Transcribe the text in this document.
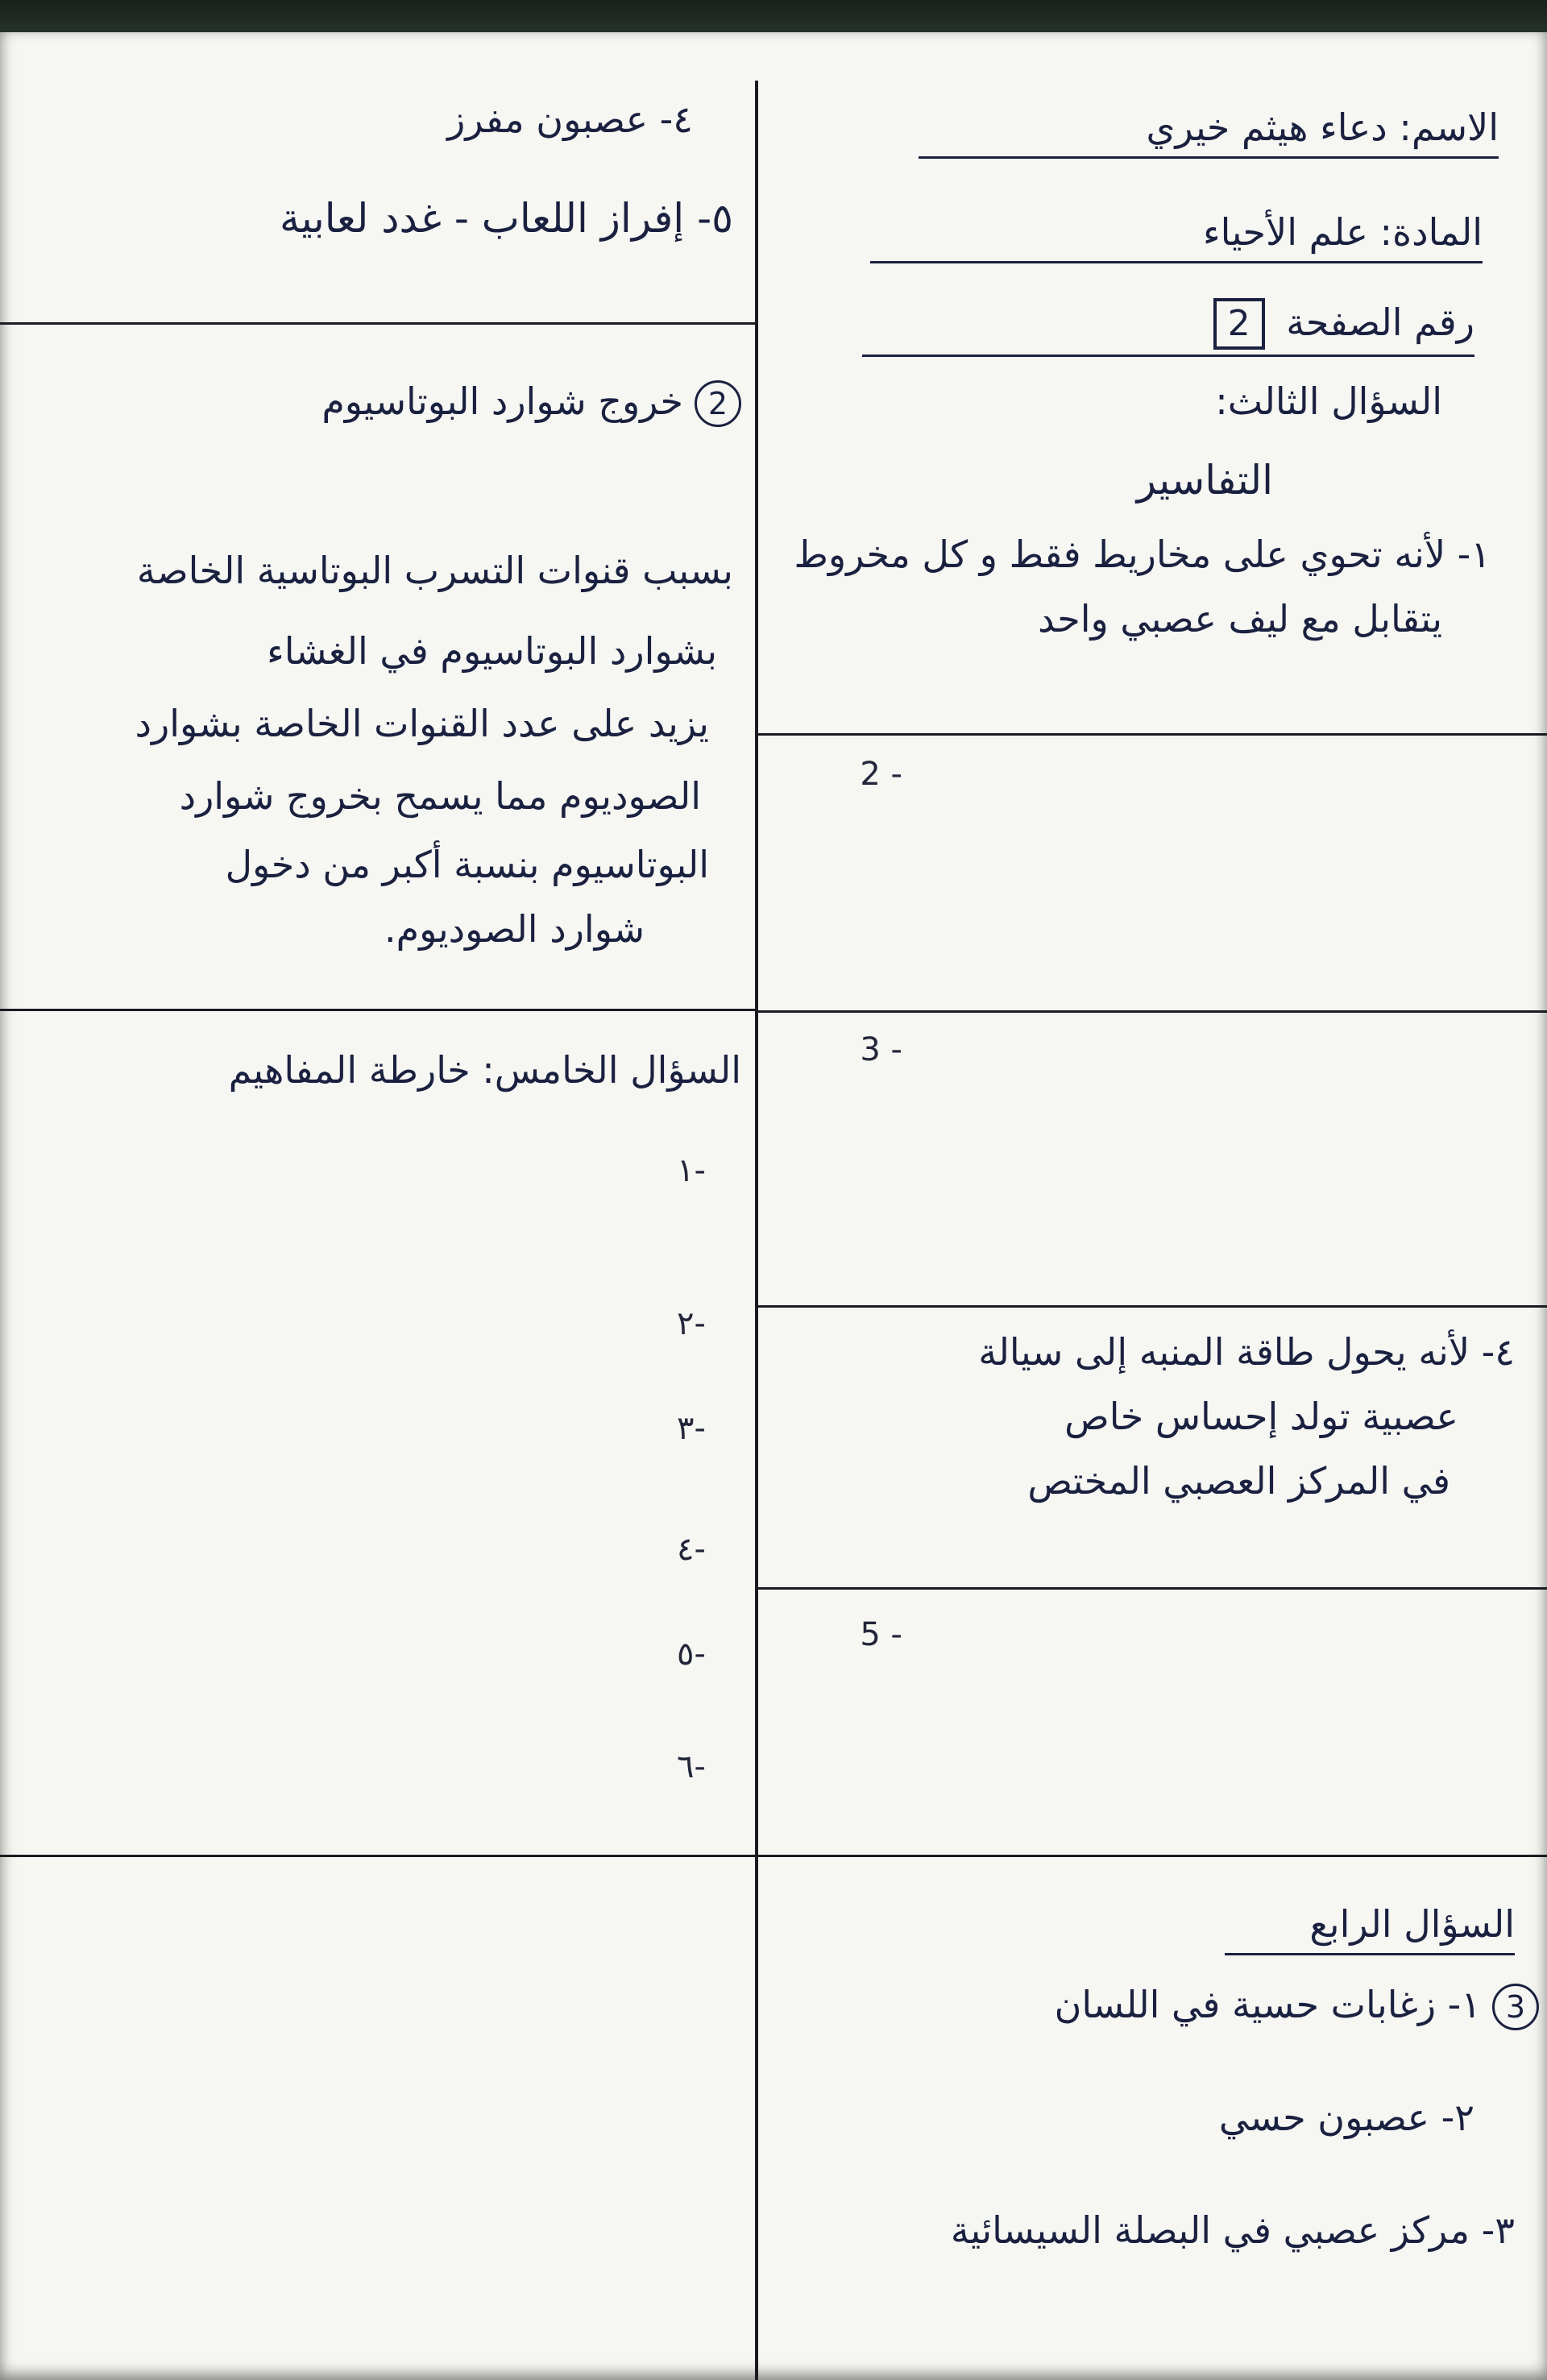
الاسم: دعاء هيثم خيري
المادة: علم الأحياء
رقم الصفحة 2
السؤال الثالث:
التفاسير
١- لأنه تحوي على مخاريط فقط و كل مخروط
يتقابل مع ليف عصبي واحد
2 -
3 -
٤- لأنه يحول طاقة المنبه إلى سيالة
عصبية تولد إحساس خاص
في المركز العصبي المختص
5 -
السؤال الرابع
3١- زغابات حسية في اللسان
٢- عصبون حسي
٣- مركز عصبي في البصلة السيسائية
٤- عصبون مفرز
٥- إفراز اللعاب - غدد لعابية
2خروج شوارد البوتاسيوم
بسبب قنوات التسرب البوتاسية الخاصة
بشوارد البوتاسيوم في الغشاء
يزيد على عدد القنوات الخاصة بشوارد
الصوديوم مما يسمح بخروج شوارد
البوتاسيوم بنسبة أكبر من دخول
شوارد الصوديوم.
السؤال الخامس: خارطة المفاهيم
١-
٢-
٣-
٤-
٥-
٦-
